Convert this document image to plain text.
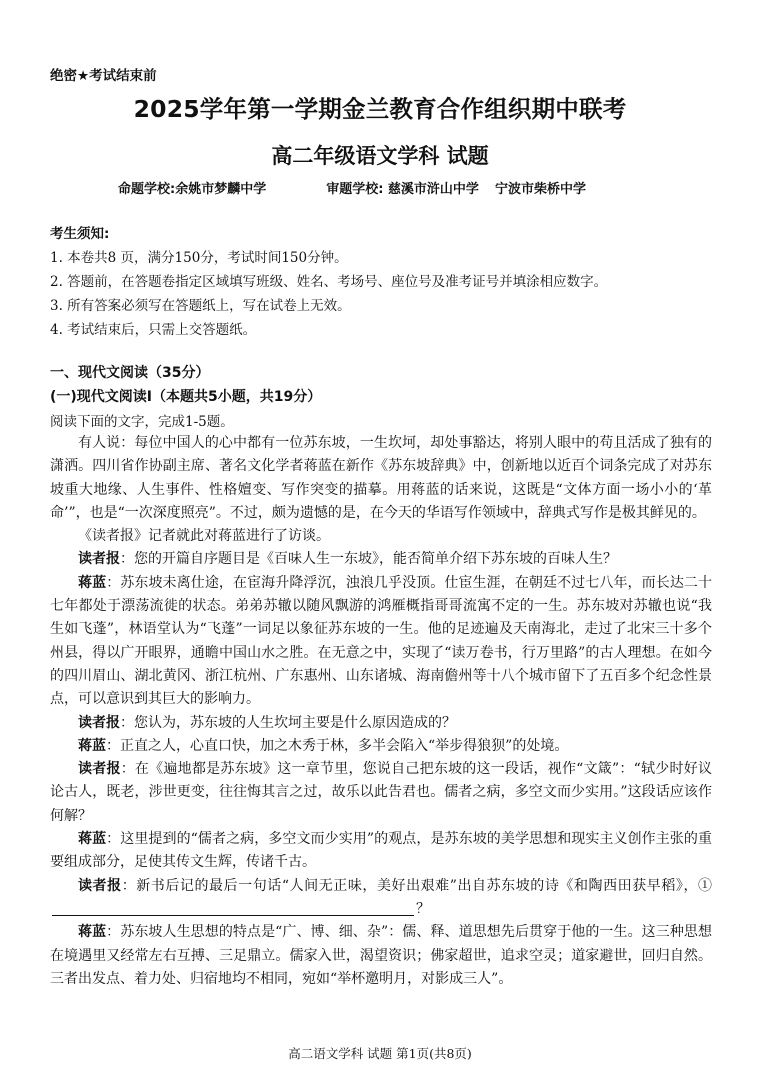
绝密★考试结束前
2025学年第一学期金兰教育合作组织期中联考
高二年级语文学科 试题
命题学校:余姚市梦麟中学	审题学校: 慈溪市浒山中学 宁波市柴桥中学
考生须知:
1. 本卷共8 页，满分150分，考试时间150分钟。
2. 答题前，在答题卷指定区域填写班级、姓名、考场号、座位号及准考证号并填涂相应数字。
3. 所有答案必须写在答题纸上，写在试卷上无效。
4. 考试结束后，只需上交答题纸。
一、现代文阅读（35分）
(一)现代文阅读Ⅰ（本题共5小题，共19分）
阅读下面的文字，完成1-5题。

有人说：每位中国人的心中都有一位苏东坡，一生坎坷，却处事豁达，将别人眼中的苟且活成了独有的潇洒。四川省作协副主席、著名文化学者蒋蓝在新作《苏东坡辞典》中，创新地以近百个词条完成了对苏东坡重大地缘、人生事件、性格嬗变、写作突变的描摹。用蒋蓝的话来说，这既是“文体方面一场小小的‘革命’”，也是“一次深度照亮”。不过，颇为遗憾的是，在今天的华语写作领域中，辞典式写作是极其鲜见的。

《读者报》记者就此对蒋蓝进行了访谈。

读者报：您的开篇自序题目是《百味人生一东坡》，能否简单介绍下苏东坡的百味人生？

蒋蓝：苏东坡未离仕途，在宦海升降浮沉，浊浪几乎没顶。仕宦生涯，在朝廷不过七八年，而长达二十七年都处于漂荡流徙的状态。弟弟苏辙以随风飘游的鸿雁概指哥哥流寓不定的一生。苏东坡对苏辙也说“我生如飞蓬”，林语堂认为“飞蓬”一词足以象征苏东坡的一生。他的足迹遍及天南海北，走过了北宋三十多个州县，得以广开眼界，通瞻中国山水之胜。在无意之中，实现了“读万卷书，行万里路”的古人理想。在如今的四川眉山、湖北黄冈、浙江杭州、广东惠州、山东诸城、海南儋州等十八个城市留下了五百多个纪念性景点，可以意识到其巨大的影响力。

读者报：您认为，苏东坡的人生坎坷主要是什么原因造成的？

蒋蓝：正直之人，心直口快，加之木秀于林，多半会陷入“举步得狼狈”的处境。

读者报：在《遍地都是苏东坡》这一章节里，您说自己把东坡的这一段话，视作“文箴”：“轼少时好议论古人，既老，涉世更变，往往悔其言之过，故乐以此告君也。儒者之病，多空文而少实用。”这段话应该作何解？

蒋蓝：这里提到的“儒者之病，多空文而少实用”的观点，是苏东坡的美学思想和现实主义创作主张的重要组成部分，足使其传文生辉，传诸千古。

读者报：新书后记的最后一句话“人间无正味，美好出艰难”出自苏东坡的诗《和陶西田获早稻》，①？

蒋蓝：苏东坡人生思想的特点是“广、博、细、杂”：儒、释、道思想先后贯穿于他的一生。这三种思想在境遇里又经常左右互搏、三足鼎立。儒家入世，渴望资识；佛家超世，追求空灵；道家避世，回归自然。三者出发点、着力处、归宿地均不相同，宛如“举杯邀明月，对影成三人”。

高二语文学科 试题 第1页(共8页)
